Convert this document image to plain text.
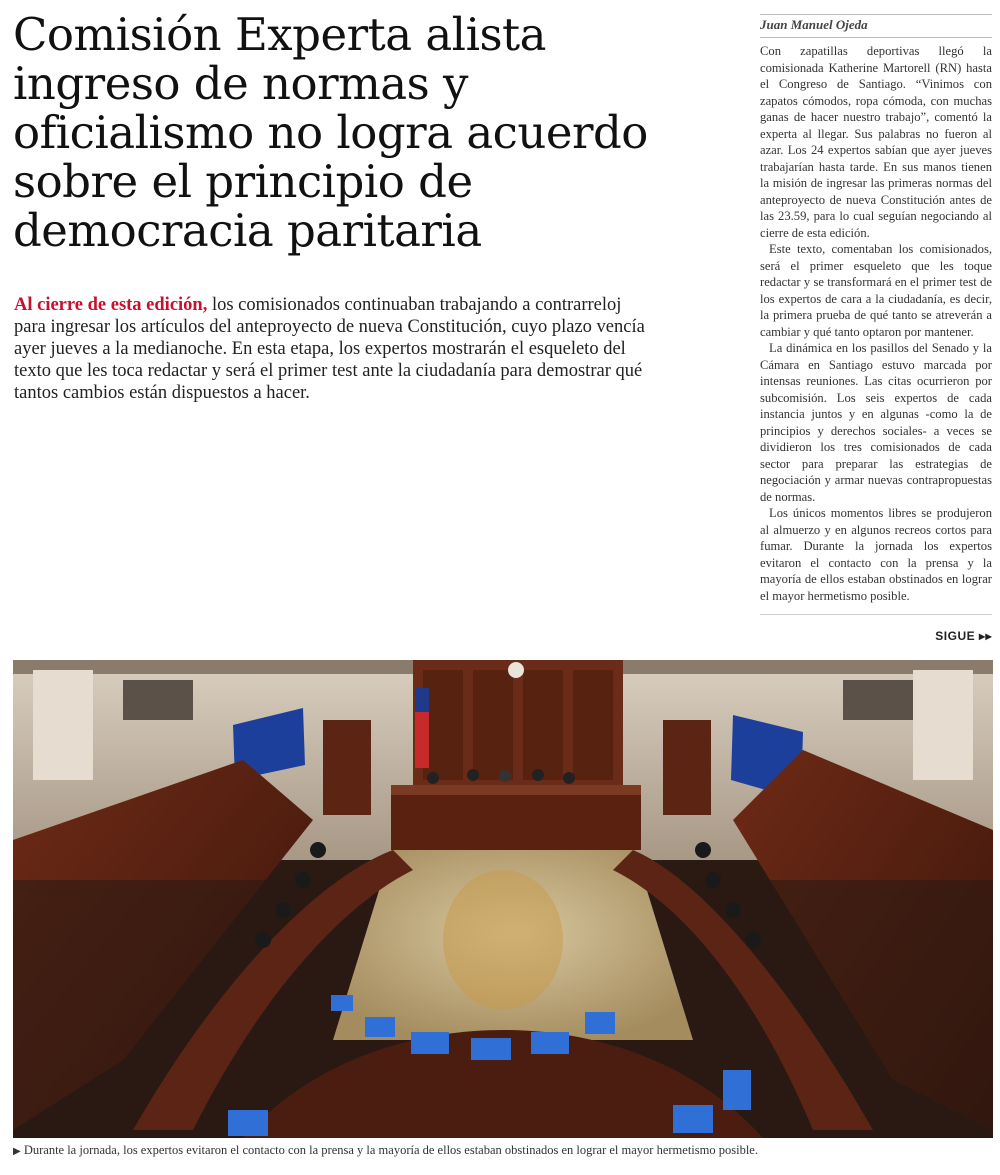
Comisión Experta alista ingreso de normas y oficialismo no logra acuerdo sobre el principio de democracia paritaria

Al cierre de esta edición, los comisionados continuaban trabajando a contrarreloj para ingresar los artículos del anteproyecto de nueva Constitución, cuyo plazo vencía ayer jueves a la medianoche. En esta etapa, los expertos mostrarán el esqueleto del texto que les toca redactar y será el primer test ante la ciudadanía para demostrar qué tantos cambios están dispuestos a hacer.

Juan Manuel Ojeda

Con zapatillas deportivas llegó la comisionada Katherine Martorell (RN) hasta el Congreso de Santiago. “Vinimos con zapatos cómodos, ropa cómoda, con muchas ganas de hacer nuestro trabajo”, comentó la experta al llegar. Sus palabras no fueron al azar. Los 24 expertos sabían que ayer jueves trabajarían hasta tarde. En sus manos tienen la misión de ingresar las primeras normas del anteproyecto de nueva Constitución antes de las 23.59, para lo cual seguían negociando al cierre de esta edición.

Este texto, comentaban los comisionados, será el primer esqueleto que les toque redactar y se transformará en el primer test de los expertos de cara a la ciudadanía, es decir, la primera prueba de qué tanto se atreverán a cambiar y qué tanto optaron por mantener.

La dinámica en los pasillos del Senado y la Cámara en Santiago estuvo marcada por intensas reuniones. Las citas ocurrieron por subcomisión. Los seis expertos de cada instancia juntos y en algunas -como la de principios y derechos sociales- a veces se dividieron los tres comisionados de cada sector para preparar las estrategias de negociación y armar nuevas contrapropuestas de normas.

Los únicos momentos libres se produjeron al almuerzo y en algunos recreos cortos para fumar. Durante la jornada los expertos evitaron el contacto con la prensa y la mayoría de ellos estaban obstinados en lograr el mayor hermetismo posible.

SIGUE ▸▸
▶ Durante la jornada, los expertos evitaron el contacto con la prensa y la mayoría de ellos estaban obstinados en lograr el mayor hermetismo posible.
